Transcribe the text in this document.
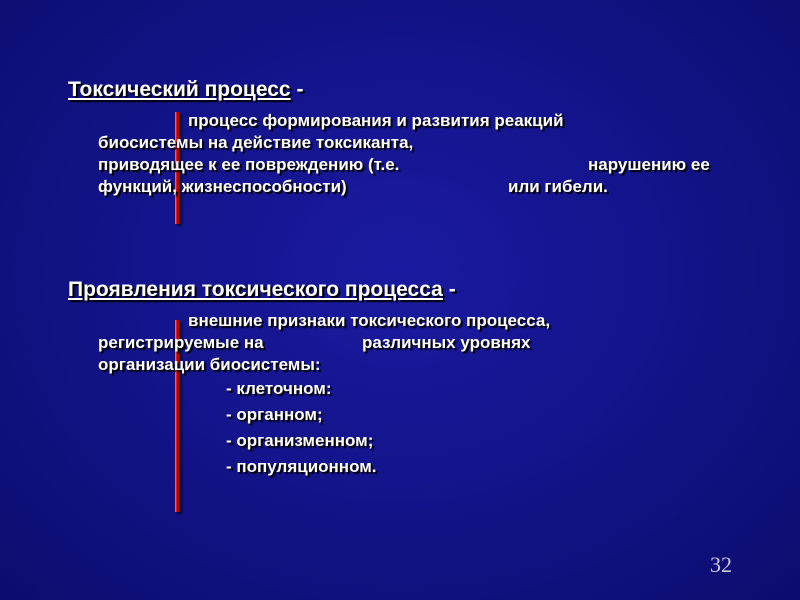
Токсический процесс -

процесс формирования и развития реакций

биосистемы на действие токсиканта,

приводящее к ее повреждению (т.е.	нарушению ее

функций, жизнеспособности)	или гибели.

Проявления токсического процесса -

внешние признаки токсического процесса,

регистрируемые на	различных уровнях

организации биосистемы:

- клеточном:

- органном;

- организменном;

- популяционном.

32
